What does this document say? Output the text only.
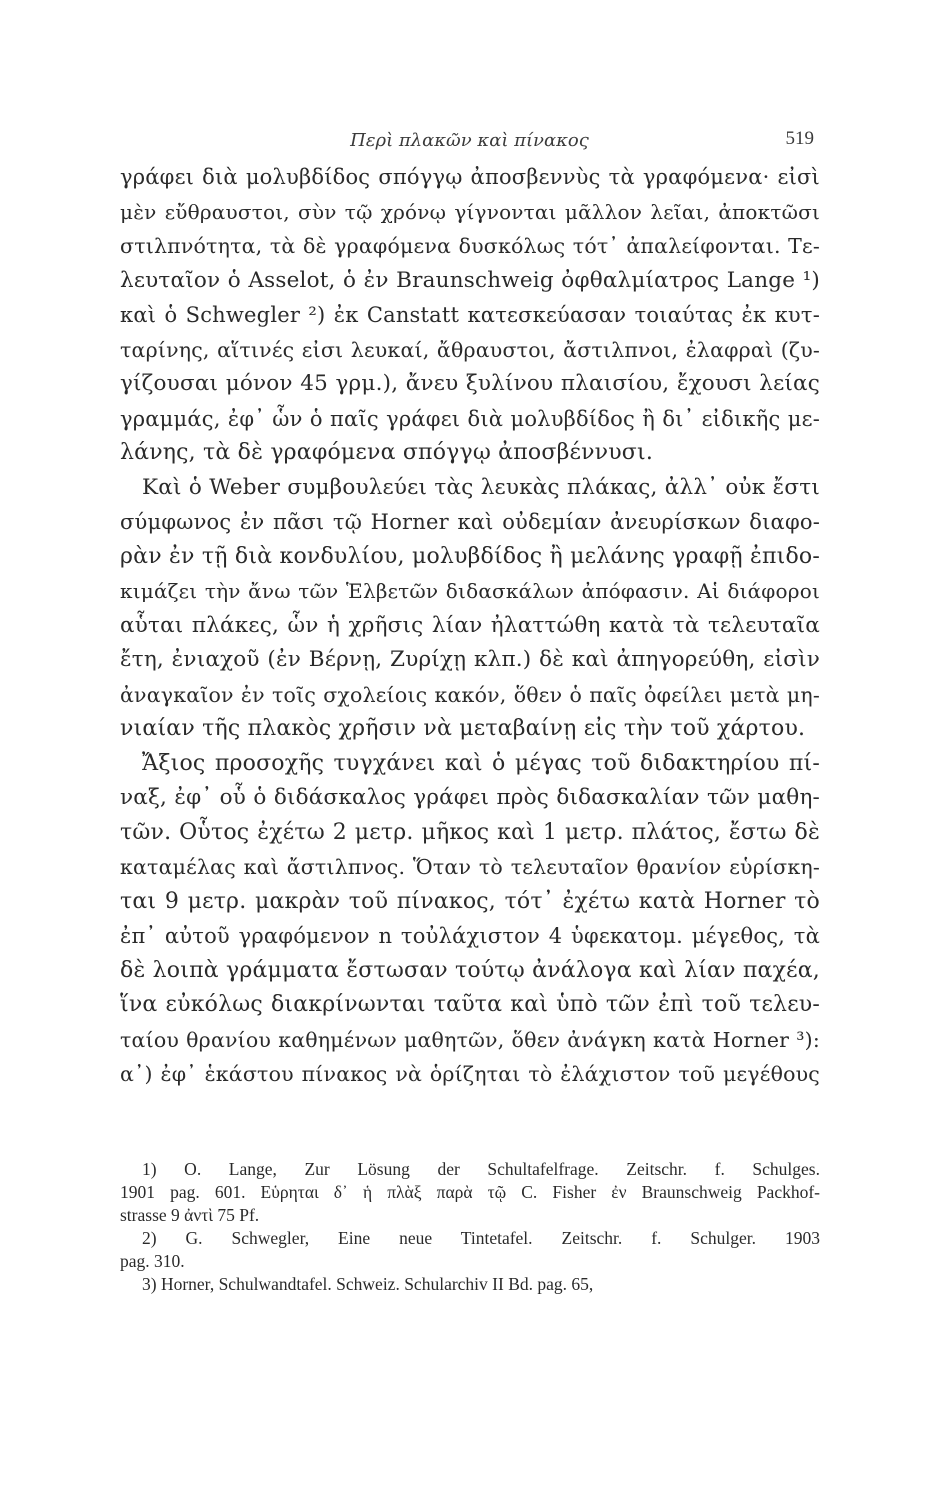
Περὶ πλακῶν καὶ πίνακος	519
γράφει διὰ μολυβδίδος σπόγγῳ ἀποσβεννὺς τὰ γραφόμενα· εἰσὶ
μὲν εὔθραυστοι, σὺν τῷ χρόνῳ γίγνονται μᾶλλον λεῖαι, ἀποκτῶσι
στιλπνότητα, τὰ δὲ γραφόμενα δυσκόλως τότ᾿ ἀπαλείφονται. Τε-
λευταῖον ὁ Asselot, ὁ ἐν Braunschweig ὀφθαλμίατρος Lange ¹)
καὶ ὁ Schwegler ²) ἐκ Canstatt κατεσκεύασαν τοιαύτας ἐκ κυτ-
ταρίνης, αἵτινές εἰσι λευκαί, ἄθραυστοι, ἄστιλπνοι, ἐλαφραὶ (ζυ-
γίζουσαι μόνον 45 γρμ.), ἄνευ ξυλίνου πλαισίου, ἔχουσι λείας
γραμμάς, ἐφ᾿ ὧν ὁ παῖς γράφει διὰ μολυβδίδος ἢ δι᾿ εἰδικῆς με-
λάνης, τὰ δὲ γραφόμενα σπόγγῳ ἀποσβέννυσι.
Καὶ ὁ Weber συμβουλεύει τὰς λευκὰς πλάκας, ἀλλ᾿ οὐκ ἔστι
σύμφωνος ἐν πᾶσι τῷ Horner καὶ οὐδεμίαν ἀνευρίσκων διαφο-
ρὰν ἐν τῇ διὰ κονδυλίου, μολυβδίδος ἢ μελάνης γραφῇ ἐπιδο-
κιμάζει τὴν ἄνω τῶν Ἑλβετῶν διδασκάλων ἀπόφασιν. Αἱ διάφοροι
αὗται πλάκες, ὧν ἡ χρῆσις λίαν ἠλαττώθη κατὰ τὰ τελευταῖα
ἔτη, ἐνιαχοῦ (ἐν Βέρνῃ, Ζυρίχῃ κλπ.) δὲ καὶ ἀπηγορεύθη, εἰσὶν
ἀναγκαῖον ἐν τοῖς σχολείοις κακόν, ὅθεν ὁ παῖς ὀφείλει μετὰ μη-
νιαίαν τῆς πλακὸς χρῆσιν νὰ μεταβαίνῃ εἰς τὴν τοῦ χάρτου.
Ἄξιος προσοχῆς τυγχάνει καὶ ὁ μέγας τοῦ διδακτηρίου πί-
ναξ, ἐφ᾿ οὗ ὁ διδάσκαλος γράφει πρὸς διδασκαλίαν τῶν μαθη-
τῶν. Οὗτος ἐχέτω 2 μετρ. μῆκος καὶ 1 μετρ. πλάτος, ἔστω δὲ
καταμέλας καὶ ἄστιλπνος. Ὅταν τὸ τελευταῖον θρανίον εὑρίσκη-
ται 9 μετρ. μακρὰν τοῦ πίνακος, τότ᾿ ἐχέτω κατὰ Horner τὸ
ἐπ᾿ αὐτοῦ γραφόμενον n τοὐλάχιστον 4 ὑφεκατομ. μέγεθος, τὰ
δὲ λοιπὰ γράμματα ἔστωσαν τούτῳ ἀνάλογα καὶ λίαν παχέα,
ἵνα εὐκόλως διακρίνωνται ταῦτα καὶ ὑπὸ τῶν ἐπὶ τοῦ τελευ-
ταίου θρανίου καθημένων μαθητῶν, ὅθεν ἀνάγκη κατὰ Horner ³):
α᾿) ἐφ᾿ ἑκάστου πίνακος νὰ ὁρίζηται τὸ ἐλάχιστον τοῦ μεγέθους
1) O. Lange, Zur Lösung der Schultafelfrage. Zeitschr. f. Schulges.
1901 pag. 601. Εὑρηται δ᾿ ἡ πλὰξ παρὰ τῷ C. Fisher ἐν Braunschweig Packhof-
strasse 9 ἀντὶ 75 Pf.
2) G. Schwegler, Eine neue Tintetafel. Zeitschr. f. Schulger. 1903
pag. 310.
3) Horner, Schulwandtafel. Schweiz. Schularchiv II Bd. pag. 65,
